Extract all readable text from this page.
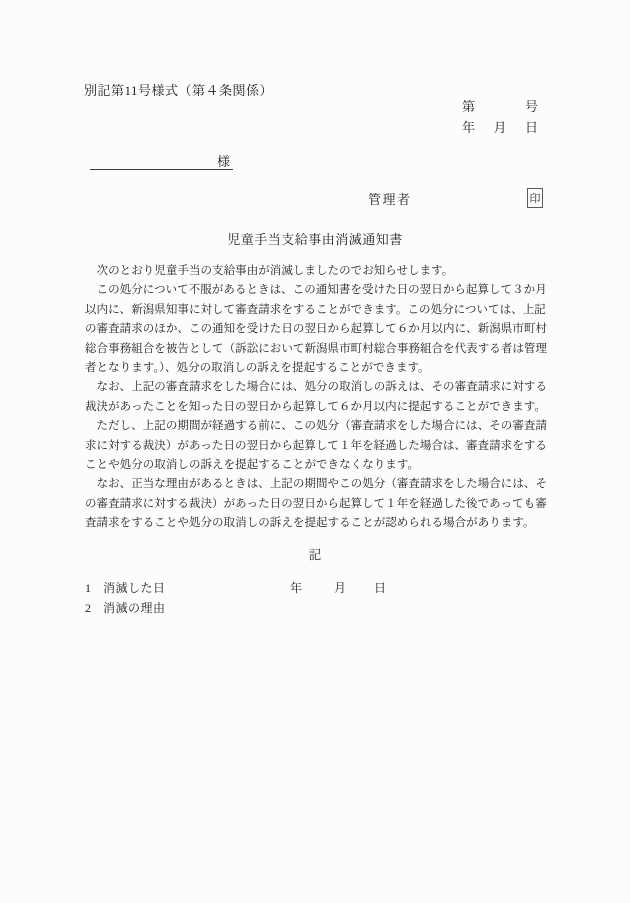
別記第11号様式（第４条関係）
第	号
年 月 日
様
管理者	印
児童手当支給事由消滅通知書
　次のとおり児童手当の支給事由が消滅しましたのでお知らせします。
　この処分について不服があるときは、この通知書を受けた日の翌日から起算して３か月
以内に、新潟県知事に対して審査請求をすることができます。この処分については、上記
の審査請求のほか、この通知を受けた日の翌日から起算して６か月以内に、新潟県市町村
総合事務組合を被告として（訴訟において新潟県市町村総合事務組合を代表する者は管理
者となります。）、処分の取消しの訴えを提起することができます。
　なお、上記の審査請求をした場合には、処分の取消しの訴えは、その審査請求に対する
裁決があったことを知った日の翌日から起算して６か月以内に提起することができます。
　ただし、上記の期間が経過する前に、この処分（審査請求をした場合には、その審査請
求に対する裁決）があった日の翌日から起算して１年を経過した場合は、審査請求をする
ことや処分の取消しの訴えを提起することができなくなります。
　なお、正当な理由があるときは、上記の期間やこの処分（審査請求をした場合には、そ
の審査請求に対する裁決）があった日の翌日から起算して１年を経過した後であっても審
査請求をすることや処分の取消しの訴えを提起することが認められる場合があります。
記
1 消滅した日	年	月 日
2 消滅の理由
